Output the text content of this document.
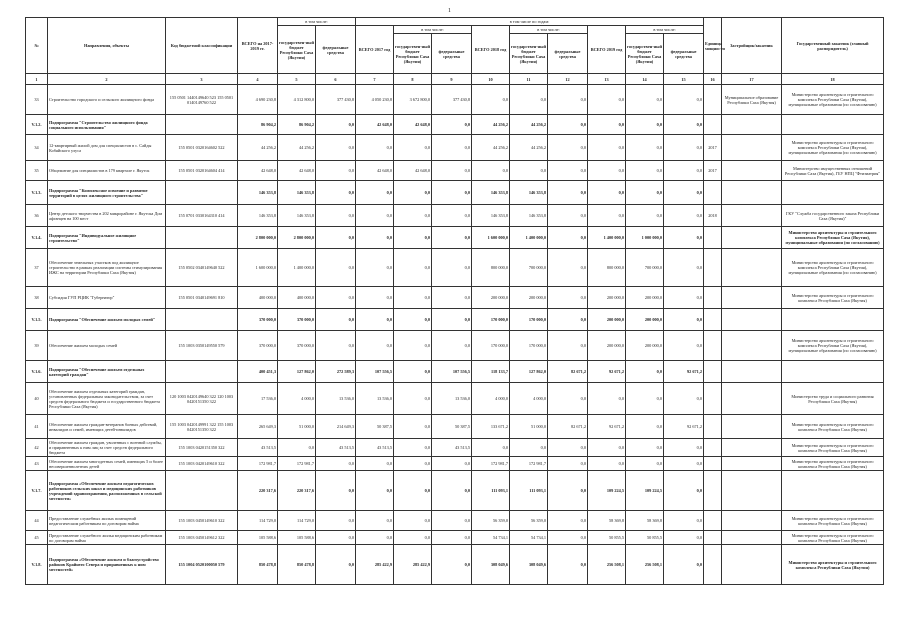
1
№	Направления, объекты	Код бюджетной классификации	ВСЕГО на 2017-2019 гг.	в том числе:		в том числе по годам:									Единица мощности	Застройщик/заказчик	Государственный заказчик (главный распорядитель)
				государствен-ный бюджет Республики Саха (Якутия)	федеральные средства	ВСЕГО 2017 год	в том числе:		ВСЕГО 2018 год	в том числе:		ВСЕГО 2019 год	в том числе:				
							государствен-ный бюджет Республики Саха (Якутия)	федеральные средства		государствен-ный бюджет Республики Саха (Якутия)	федеральные средства		государствен-ный бюджет Республики Саха (Якутия)	федеральные средства			
1	2	3	4	5	6	7	8	9	10	11	12	13	14	15	16	17	18
33	Строительство городского и сельского жилищного фонда	155 0501 1440149640 523 155 0501 0140149760 522	4 690 230,8	4 312 800,0	377 430,8	4 050 230,8	3 672 800,0	377 430,8	0,0	0,0	0,0	0,0	0,0	0,0		Муниципальное образование Республики Саха (Якутия)	Министерство архитектуры и строительного комплекса Республики Саха (Якутия), муниципальные образования (по согласованию)
V.1.2.	Подпрограмма "Строительство жилищного фонда социального использования"		86 904,2	86 904,2	0,0	42 648,0	42 648,0	0,0	44 256,2	44 256,2	0,0	0,0	0,0	0,0			
34	12-квартирный жилой дом для специалистов в с. Сайды Кобяйского улуса	155 0501 0320164602 522	44 256,2	44 256,2	0,0	0,0	0,0	0,0	44 256,2	44 256,2	0,0	0,0	0,0	0,0	2017		Министерство архитектуры и строительного комплекса Республики Саха (Якутия), муниципальные образования (по согласованию)
35	Общежитие для специалистов в 179 квартале г. Якутск	155 0501 0320164604 414	42 648,0	42 648,0	0,0	42 648,0	42 648,0	0,0	0,0	0,0	0,0	0,0	0,0	0,0	2017		Министерство имущественных отношений Республики Саха (Якутия), ГБУ НПЦ "Фтизиатрия"
V.1.3.	Подпрограмма "Комплексное освоение и развитие территорий в целях жилищного строительства"		146 353,8	146 353,8	0,0	0,0	0,0	0,0	146 353,8	146 353,8	0,0	0,0	0,0	0,0			
36	Центр детского творчества в 202 микрорайоне г. Якутска Дом афганцев на 100 мест	155 0701 0330164310 414	146 353,8	146 353,8	0,0	0,0	0,0	0,0	146 353,8	146 353,8	0,0	0,0	0,0	0,0	2018		ГКУ "Служба государственного заказа Республики Саха (Якутия)"
V.1.4.	Подпрограмма "Индивидуальное жилищное строительство"		2 800 000,0	2 800 000,0	0,0	0,0	0,0	0,0	1 600 000,0	1 400 000,0	0,0	1 400 000,0	1 000 000,0	0,0			Министерство архитектуры и строительного комплекса Республики Саха (Якутия), муниципальные образования (по согласованию)
37	Обеспечение земельных участков под жилищное строительство в рамках реализации системы стимулирования ИЖС на территории Республики Саха (Якутия)	155 0502 0340149640 522	1 600 000,0	1 400 000,0	0,0	0,0	0,0	0,0	800 000,0	700 000,0	0,0	800 000,0	700 000,0	0,0			Министерство архитектуры и строительного комплекса Республики Саха (Якутия), муниципальные образования (по согласованию)
38	Субсидия ГУП РЦИК "Губернатор"	155 0501 0340149691 810	400 000,0	400 000,0	0,0	0,0	0,0	0,0	200 000,0	200 000,0	0,0	200 000,0	200 000,0	0,0			Министерство архитектуры и строительного комплекса Республики Саха (Якутия)
V.1.5.	Подпрограмма "Обеспечение жильем молодых семей"		370 000,0	370 000,0	0,0	0,0	0,0	0,0	170 000,0	170 000,0	0,0	200 000,0	200 000,0	0,0			
39	Обеспечение жильем молодых семей	155 1003 0350149550 579	370 000,0	370 000,0	0,0	0,0	0,0	0,0	170 000,0	170 000,0	0,0	200 000,0	200 000,0	0,0			Министерство архитектуры и строительного комплекса Республики Саха (Якутия), муниципальные образования (по согласованию)
V.1.6.	Подпрограмма "Обеспечение жильем отдельных категорий граждан"		400 451,3	127 862,0	272 589,3	107 556,5	0,0	107 556,5	118 133,7	127 862,0	82 671,2	92 671,2	0,0	92 671,2			
40	Обеспечение жильем отдельных категорий граждан, установленных федеральным законодательством, за счет средств федерального бюджета и государственного бюджета Республики Саха (Якутия)	120 1003 0420149640 322 120 1003 0420151350 322	17 536,0	4 000,0	13 536,0	13 536,0	0,0	13 536,0	4 000,0	4 000,0	0,0	0,0	0,0	0,0			Министерство труда и социального развития Республики Саха (Якутия)
41	Обеспечение жильем граждан-ветеранов боевых действий, инвалидов и семей, имеющих детей-инвалидов	155 1003 0420149991 322 155 1003 0420151350 322	265 649,3	51 000,0	214 649,3	50 387,5	0,0	50 387,5	133 671,2	51 000,0	82 671,2	92 671,2	0,0	92 671,2			Министерство архитектуры и строительного комплекса Республики Саха (Якутия)
42	Обеспечение жильем граждан, уволенных с военной службы, и приравненных к ним лиц за счет средств федерального бюджета	155 1003 0420151350 322	43 513,5	0,0	43 513,5	43 513,5	0,0	43 513,5	0,0	0,0	0,0	0,0	0,0	0,0			Министерство архитектуры и строительного комплекса Республики Саха (Якутия)
43	Обеспечение жильем многодетных семей, имеющих 5 и более несовершеннолетних детей	155 1003 0420149610 322	172 981,7	172 981,7	0,0	0,0	0,0	0,0	172 981,7	172 981,7	0,0	0,0	0,0	0,0			Министерство архитектуры и строительного комплекса Республики Саха (Якутия)
V.1.7.	Подпрограмма «Обеспечение жильем педагогических работников сельских школ и медицинских работников учреждений здравоохранения, расположенных в сельской местности»		220 317,6	220 317,6	0,0	0,0	0,0	0,0	111 093,1	111 093,1	0,0	109 224,5	109 224,5	0,0			
44	Предоставление служебных жилых помещений педагогическим работникам по договорам найма	155 1003 0450149610 322	114 729,0	114 729,0	0,0	0,0	0,0	0,0	56 359,0	56 359,0	0,0	58 369,8	58 369,8	0,0			Министерство архитектуры и строительного комплекса Республики Саха (Якутия)
45	Предоставление служебного жилья медицинским работникам по договорам найма	155 1003 0450149612 322	105 588,6	105 588,6	0,0	0,0	0,0	0,0	54 734,1	54 734,1	0,0	50 855,5	50 855,5	0,0			Министерство архитектуры и строительного комплекса Республики Саха (Якутия)
V.1.8.	Подпрограмма «Обеспечение жильем и благоустройство районов Крайнего Севера и приравненных к ним местностей»	155 1004 0520100050 579	850 478,8	850 478,8	0,0	285 422,9	285 422,9	0,0	308 049,6	308 049,6	0,0	256 508,1	256 508,1	0,0			Министерство архитектуры и строительного комплекса Республики Саха (Якутия)
